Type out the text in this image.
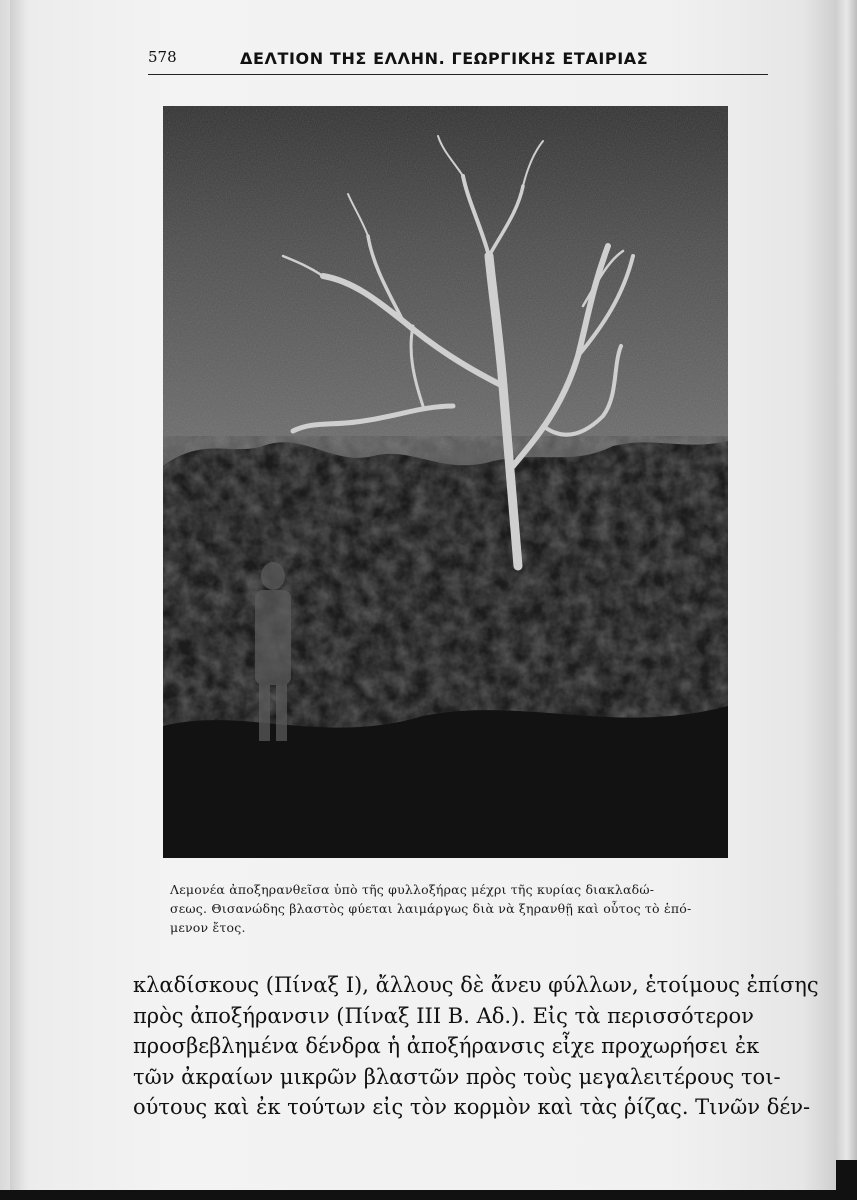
578	ΔΕΛΤΙΟΝ ΤΗΣ ΕΛΛΗΝ. ΓΕΩΡΓΙΚΗΣ ΕΤΑΙΡΙΑΣ
Λεμονέα ἀποξηρανθεῖσα ὑπὸ τῆς φυλλοξήρας μέχρι τῆς κυρίας διακλαδώ-
σεως. Θισανώδης βλαστὸς φύεται λαιμάργως διὰ νὰ ξηρανθῇ καὶ οὗτος τὸ ἑπό-
μενον ἔτος.
κλαδίσκους (Πίναξ Ι), ἄλλους δὲ ἄνευ φύλλων, ἑτοίμους ἐπίσης
πρὸς ἀποξήρανσιν (Πίναξ ΙΙΙ Β. Αδ.). Εἰς τὰ περισσότερον
προσβεβλημένα δένδρα ἡ ἀποξήρανσις εἶχε προχωρήσει ἐκ
τῶν ἀκραίων μικρῶν βλαστῶν πρὸς τοὺς μεγαλειτέρους τοι-
ούτους καὶ ἐκ τούτων εἰς τὸν κορμὸν καὶ τὰς ῥίζας. Τινῶν δέν-
